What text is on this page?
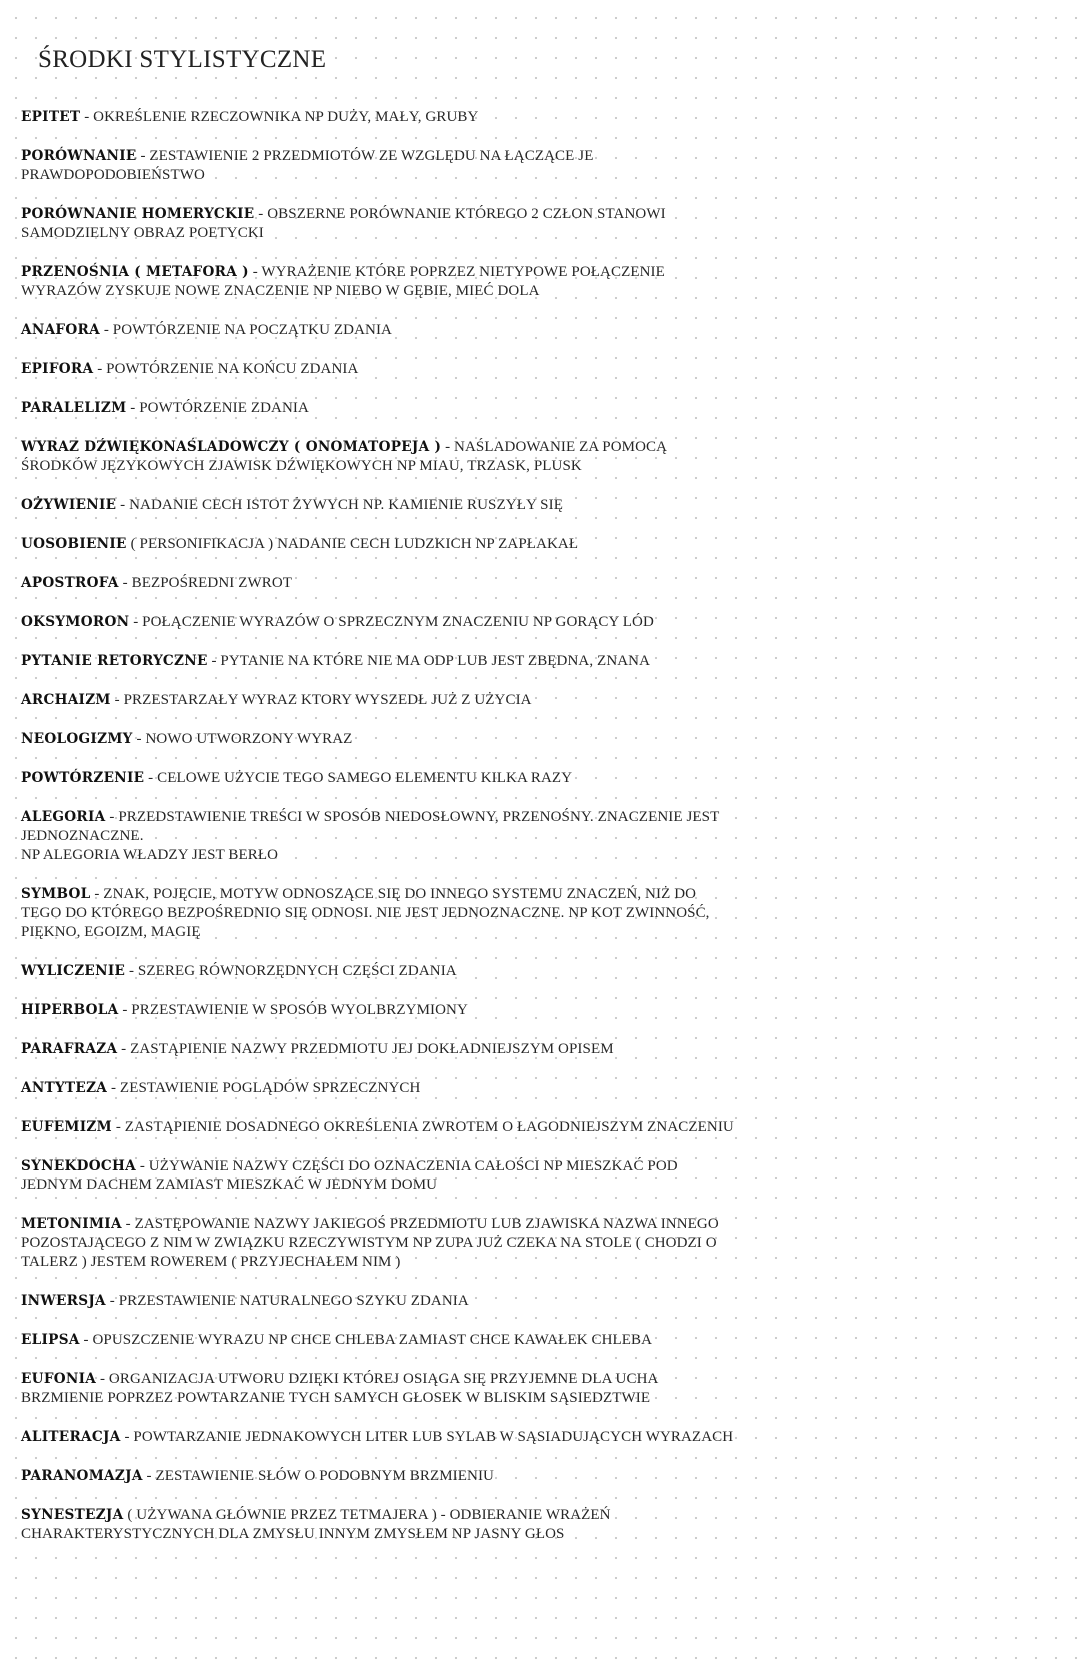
ŚRODKI STYLISTYCZNE

EPITET - OKREŚLENIE RZECZOWNIKA NP DUŻY, MAŁY, GRUBY

PORÓWNANIE - ZESTAWIENIE 2 PRZEDMIOTÓW ZE WZGLĘDU NA ŁĄCZĄCE JE PRAWDOPODOBIEŃSTWO

PORÓWNANIE HOMERYCKIE - OBSZERNE PORÓWNANIE KTÓREGO 2 CZŁON STANOWI SAMODZIELNY OBRAZ POETYCKI

PRZENOŚNIA ( METAFORA ) - WYRAŻENIE KTÓRE POPRZEZ NIETYPOWE POŁĄCZENIE WYRAZÓW ZYSKUJE NOWE ZNACZENIE NP NIEBO W GĘBIE, MIEĆ DOLA

ANAFORA - POWTÓRZENIE NA POCZĄTKU ZDANIA

EPIFORA - POWTÓRZENIE NA KOŃCU ZDANIA

PARALELIZM - POWTÓRZENIE ZDANIA

WYRAZ DŹWIĘKONAŚLADOWCZY ( ONOMATOPEJA ) - NAŚLADOWANIE ZA POMOCĄ ŚRODKÓW JĘZYKOWYCH ZJAWISK DŹWIĘKOWYCH NP MIAU, TRZASK, PLUSK

OŻYWIENIE - NADANIE CECH ISTOT ŻYWYCH NP. KAMIENIE RUSZYŁY SIĘ

UOSOBIENIE ( PERSONIFIKACJA ) NADANIE CECH LUDZKICH NP ZAPŁAKAŁ

APOSTROFA - BEZPOŚREDNI ZWROT

OKSYMORON - POŁĄCZENIE WYRAZÓW O SPRZECZNYM ZNACZENIU NP GORĄCY LÓD

PYTANIE RETORYCZNE - PYTANIE NA KTÓRE NIE MA ODP LUB JEST ZBĘDNA, ZNANA

ARCHAIZM - PRZESTARZAŁY WYRAZ KTORY WYSZEDŁ JUŻ Z UŻYCIA

NEOLOGIZMY - NOWO UTWORZONY WYRAZ

POWTÓRZENIE - CELOWE UŻYCIE TEGO SAMEGO ELEMENTU KILKA RAZY

ALEGORIA - PRZEDSTAWIENIE TREŚCI W SPOSÓB NIEDOSŁOWNY, PRZENOŚNY. ZNACZENIE JEST JEDNOZNACZNE.
NP ALEGORIA WŁADZY JEST BERŁO

SYMBOL - ZNAK, POJĘCIE, MOTYW ODNOSZĄCE SIĘ DO INNEGO SYSTEMU ZNACZEŃ, NIŻ DO TEGO DO KTÓREGO BEZPOŚREDNIO SIĘ ODNOSI. NIE JEST JEDNOZNACZNE. NP KOT ZWINNOŚĆ, PIĘKNO, EGOIZM, MAGIĘ

WYLICZENIE - SZEREG RÓWNORZĘDNYCH CZĘŚCI ZDANIA

HIPERBOLA - PRZESTAWIENIE W SPOSÓB WYOLBRZYMIONY

PARAFRAZA - ZASTĄPIENIE NAZWY PRZEDMIOTU JEJ DOKŁADNIEJSZYM OPISEM

ANTYTEZA - ZESTAWIENIE POGLĄDÓW SPRZECZNYCH

EUFEMIZM - ZASTĄPIENIE DOSADNEGO OKREŚLENIA ZWROTEM O ŁAGODNIEJSZYM ZNACZENIU

SYNEKDOCHA - UŻYWANIE NAZWY CZĘŚCI DO OZNACZENIA CAŁOŚCI NP MIESZKAĆ POD JEDNYM DACHEM ZAMIAST MIESZKAĆ W JEDNYM DOMU

METONIMIA - ZASTĘPOWANIE NAZWY JAKIEGOŚ PRZEDMIOTU LUB ZJAWISKA NAZWA INNEGO POZOSTAJĄCEGO Z NIM W ZWIĄZKU RZECZYWISTYM NP ZUPA JUŻ CZEKA NA STOLE ( CHODZI O TALERZ ) JESTEM ROWEREM ( PRZYJECHAŁEM NIM )

INWERSJA - PRZESTAWIENIE NATURALNEGO SZYKU ZDANIA

ELIPSA - OPUSZCZENIE WYRAZU NP CHCE CHLEBA ZAMIAST CHCE KAWAŁEK CHLEBA

EUFONIA - ORGANIZACJA UTWORU DZIĘKI KTÓREJ OSIĄGA SIĘ PRZYJEMNE DLA UCHA BRZMIENIE POPRZEZ POWTARZANIE TYCH SAMYCH GŁOSEK W BLISKIM SĄSIEDZTWIE

ALITERACJA - POWTARZANIE JEDNAKOWYCH LITER LUB SYLAB W SĄSIADUJĄCYCH WYRAZACH

PARANOMAZJA - ZESTAWIENIE SŁÓW O PODOBNYM BRZMIENIU

SYNESTEZJA ( UŻYWANA GŁÓWNIE PRZEZ TETMAJERA ) - ODBIERANIE WRAŻEŃ CHARAKTERYSTYCZNYCH DLA ZMYSŁU INNYM ZMYSŁEM NP JASNY GŁOS
